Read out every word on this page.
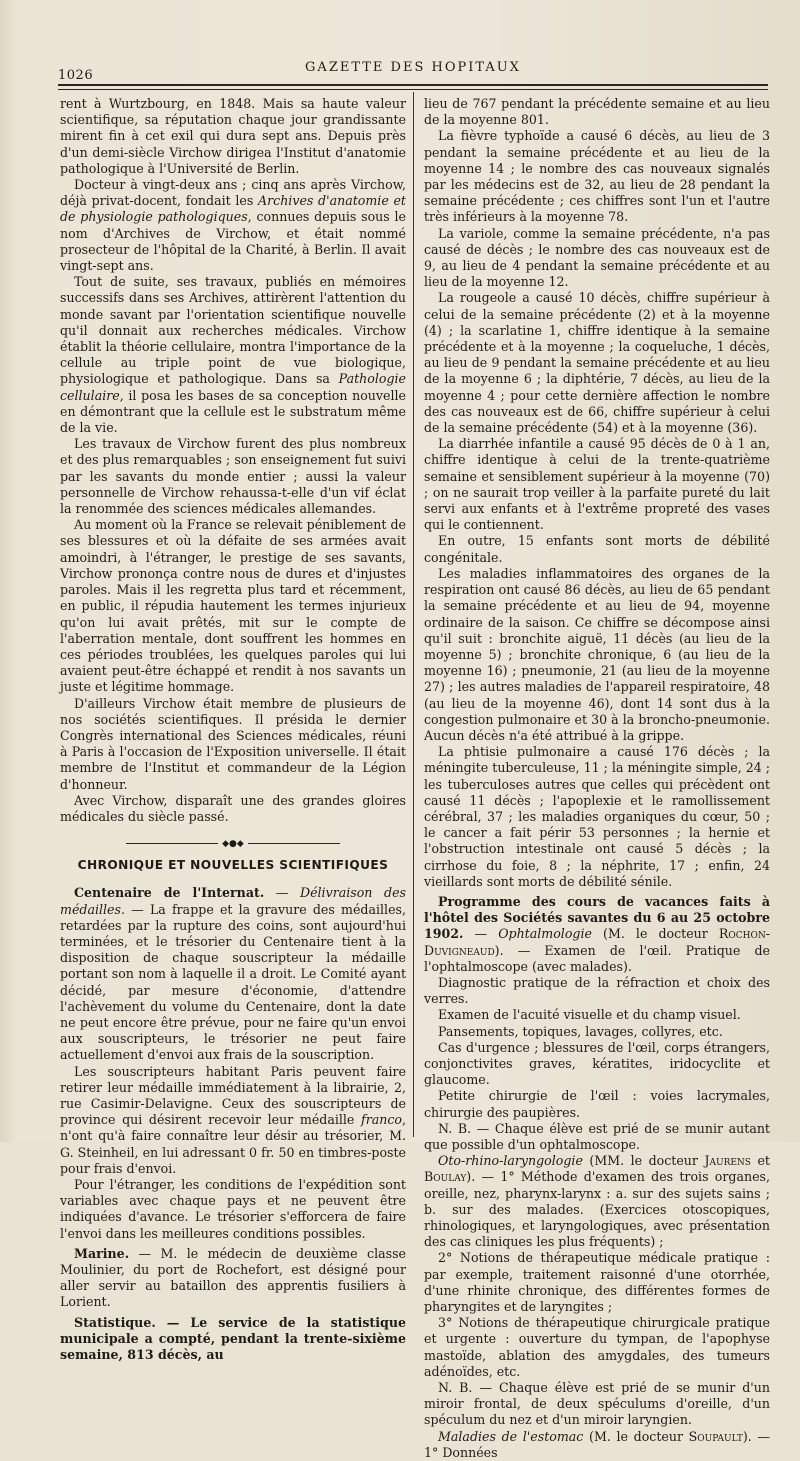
1026
GAZETTE DES HOPITAUX

rent à Wurtzbourg, en 1848. Mais sa haute valeur scientifique, sa réputation chaque jour grandissante mirent fin à cet exil qui dura sept ans. Depuis près d'un demi-siècle Virchow dirigea l'Institut d'anatomie pathologique à l'Université de Berlin.

Docteur à vingt-deux ans ; cinq ans après Virchow, déjà privat-docent, fondait les Archives d'anatomie et de physiologie pathologiques, connues depuis sous le nom d'Archives de Virchow, et était nommé prosecteur de l'hôpital de la Charité, à Berlin. Il avait vingt-sept ans.

Tout de suite, ses travaux, publiés en mémoires successifs dans ses Archives, attirèrent l'attention du monde savant par l'orientation scientifique nouvelle qu'il donnait aux recherches médicales. Virchow établit la théorie cellulaire, montra l'importance de la cellule au triple point de vue biologique, physiologique et pathologique. Dans sa Pathologie cellulaire, il posa les bases de sa conception nouvelle en démontrant que la cellule est le substratum même de la vie.

Les travaux de Virchow furent des plus nombreux et des plus remarquables ; son enseignement fut suivi par les savants du monde entier ; aussi la valeur personnelle de Virchow rehaussa-t-elle d'un vif éclat la renommée des sciences médicales allemandes.

Au moment où la France se relevait péniblement de ses blessures et où la défaite de ses armées avait amoindri, à l'étranger, le prestige de ses savants, Virchow prononça contre nous de dures et d'injustes paroles. Mais il les regretta plus tard et récemment, en public, il répudia hautement les termes injurieux qu'on lui avait prêtés, mit sur le compte de l'aberration mentale, dont souffrent les hommes en ces périodes troublées, les quelques paroles qui lui avaient peut-être échappé et rendit à nos savants un juste et légitime hommage.

D'ailleurs Virchow était membre de plusieurs de nos sociétés scientifiques. Il présida le dernier Congrès international des Sciences médicales, réuni à Paris à l'occasion de l'Exposition universelle. Il était membre de l'Institut et commandeur de la Légion d'honneur.

Avec Virchow, disparaît une des grandes gloires médicales du siècle passé.

◆●◆
CHRONIQUE ET NOUVELLES SCIENTIFIQUES

Centenaire de l'Internat. — Délivraison des médailles. — La frappe et la gravure des médailles, retardées par la rupture des coins, sont aujourd'hui terminées, et le trésorier du Centenaire tient à la disposition de chaque souscripteur la médaille portant son nom à laquelle il a droit. Le Comité ayant décidé, par mesure d'économie, d'attendre l'achèvement du volume du Centenaire, dont la date ne peut encore être prévue, pour ne faire qu'un envoi aux souscripteurs, le trésorier ne peut faire actuellement d'envoi aux frais de la souscription.

Les souscripteurs habitant Paris peuvent faire retirer leur médaille immédiatement à la librairie, 2, rue Casimir-Delavigne. Ceux des souscripteurs de province qui désirent recevoir leur médaille franco, n'ont qu'à faire connaître leur désir au trésorier, M. G. Steinheil, en lui adressant 0 fr. 50 en timbres-poste pour frais d'envoi.

Pour l'étranger, les conditions de l'expédition sont variables avec chaque pays et ne peuvent être indiquées d'avance. Le trésorier s'efforcera de faire l'envoi dans les meilleures conditions possibles.

Marine. — M. le médecin de deuxième classe Moulinier, du port de Rochefort, est désigné pour aller servir au bataillon des apprentis fusiliers à Lorient.

Statistique. — Le service de la statistique municipale a compté, pendant la trente-sixième semaine, 813 décès, au

lieu de 767 pendant la précédente semaine et au lieu de la moyenne 801.

La fièvre typhoïde a causé 6 décès, au lieu de 3 pendant la semaine précédente et au lieu de la moyenne 14 ; le nombre des cas nouveaux signalés par les médecins est de 32, au lieu de 28 pendant la semaine précédente ; ces chiffres sont l'un et l'autre très inférieurs à la moyenne 78.

La variole, comme la semaine précédente, n'a pas causé de décès ; le nombre des cas nouveaux est de 9, au lieu de 4 pendant la semaine précédente et au lieu de la moyenne 12.

La rougeole a causé 10 décès, chiffre supérieur à celui de la semaine précédente (2) et à la moyenne (4) ; la scarlatine 1, chiffre identique à la semaine précédente et à la moyenne ; la coqueluche, 1 décès, au lieu de 9 pendant la semaine précédente et au lieu de la moyenne 6 ; la diphtérie, 7 décès, au lieu de la moyenne 4 ; pour cette dernière affection le nombre des cas nouveaux est de 66, chiffre supérieur à celui de la semaine précédente (54) et à la moyenne (36).

La diarrhée infantile a causé 95 décès de 0 à 1 an, chiffre identique à celui de la trente-quatrième semaine et sensiblement supérieur à la moyenne (70) ; on ne saurait trop veiller à la parfaite pureté du lait servi aux enfants et à l'extrême propreté des vases qui le contiennent.

En outre, 15 enfants sont morts de débilité congénitale.

Les maladies inflammatoires des organes de la respiration ont causé 86 décès, au lieu de 65 pendant la semaine précédente et au lieu de 94, moyenne ordinaire de la saison. Ce chiffre se décompose ainsi qu'il suit : bronchite aiguë, 11 décès (au lieu de la moyenne 5) ; bronchite chronique, 6 (au lieu de la moyenne 16) ; pneumonie, 21 (au lieu de la moyenne 27) ; les autres maladies de l'appareil respiratoire, 48 (au lieu de la moyenne 46), dont 14 sont dus à la congestion pulmonaire et 30 à la broncho-pneumonie. Aucun décès n'a été attribué à la grippe.

La phtisie pulmonaire a causé 176 décès ; la méningite tuberculeuse, 11 ; la méningite simple, 24 ; les tuberculoses autres que celles qui précèdent ont causé 11 décès ; l'apoplexie et le ramollissement cérébral, 37 ; les maladies organiques du cœur, 50 ; le cancer a fait périr 53 personnes ; la hernie et l'obstruction intestinale ont causé 5 décès ; la cirrhose du foie, 8 ; la néphrite, 17 ; enfin, 24 vieillards sont morts de débilité sénile.

Programme des cours de vacances faits à l'hôtel des Sociétés savantes du 6 au 25 octobre 1902. — Ophtalmologie (M. le docteur Rochon-Duvigneaud). — Examen de l'œil. Pratique de l'ophtalmoscope (avec malades).

Diagnostic pratique de la réfraction et choix des verres.

Examen de l'acuité visuelle et du champ visuel.

Pansements, topiques, lavages, collyres, etc.

Cas d'urgence ; blessures de l'œil, corps étrangers, conjonctivites graves, kératites, iridocyclite et glaucome.

Petite chirurgie de l'œil : voies lacrymales, chirurgie des paupières.

N. B. — Chaque élève est prié de se munir autant que possible d'un ophtalmoscope.

Oto-rhino-laryngologie (MM. le docteur Jaurens et Boulay). — 1° Méthode d'examen des trois organes, oreille, nez, pharynx-larynx : a. sur des sujets sains ; b. sur des malades. (Exercices otoscopiques, rhinologiques, et laryngologiques, avec présentation des cas cliniques les plus fréquents) ;

2° Notions de thérapeutique médicale pratique : par exemple, traitement raisonné d'une otorrhée, d'une rhinite chronique, des différentes formes de pharyngites et de laryngites ;

3° Notions de thérapeutique chirurgicale pratique et urgente : ouverture du tympan, de l'apophyse mastoïde, ablation des amygdales, des tumeurs adénoïdes, etc.

N. B. — Chaque élève est prié de se munir d'un miroir frontal, de deux spéculums d'oreille, d'un spéculum du nez et d'un miroir laryngien.

Maladies de l'estomac (M. le docteur Soupault). — 1° Données
